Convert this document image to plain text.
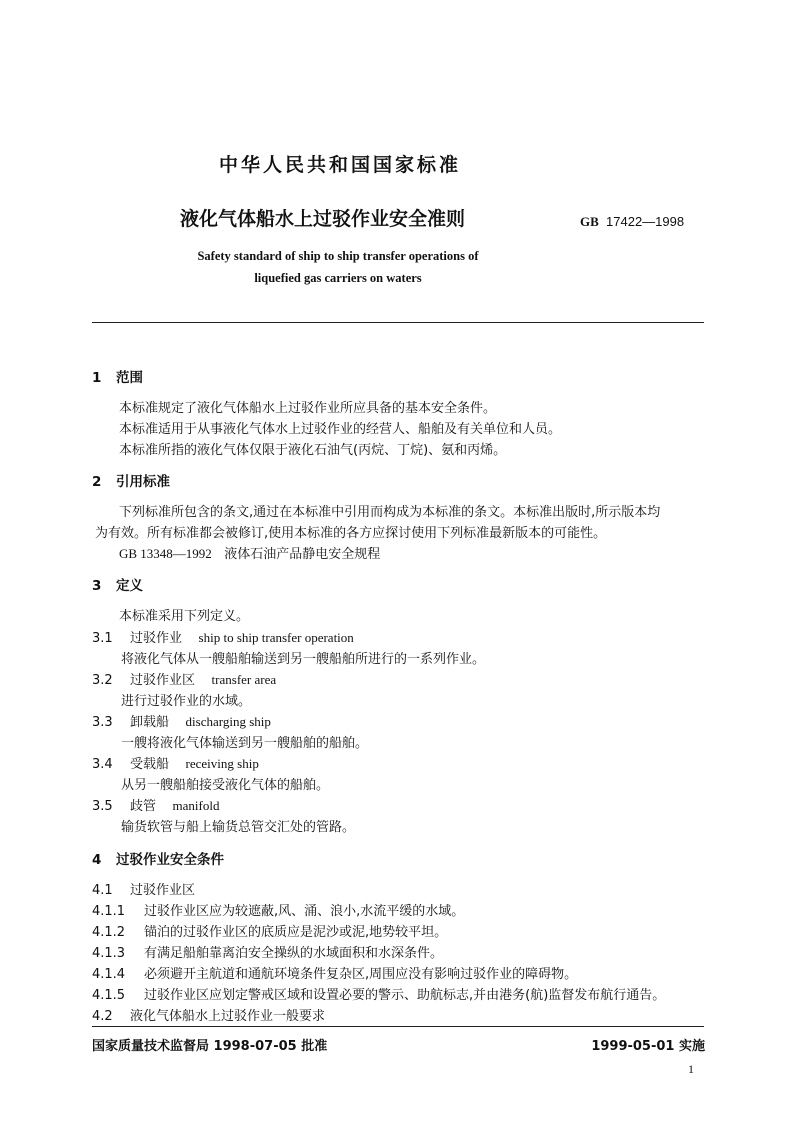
中华人民共和国国家标准
液化气体船水上过驳作业安全准则	GB 17422—1998
Safety standard of ship to ship transfer operations of
liquefied gas carriers on waters
1 范围
本标准规定了液化气体船水上过驳作业所应具备的基本安全条件。
本标准适用于从事液化气体水上过驳作业的经营人、船舶及有关单位和人员。
本标准所指的液化气体仅限于液化石油气(丙烷、丁烷)、氨和丙烯。
2 引用标准
下列标准所包含的条文,通过在本标准中引用而构成为本标准的条文。本标准出版时,所示版本均
为有效。所有标准都会被修订,使用本标准的各方应探讨使用下列标准最新版本的可能性。
GB 13348—1992 液体石油产品静电安全规程
3 定义
本标准采用下列定义。
3.1 过驳作业 ship to ship transfer operation
将液化气体从一艘船舶输送到另一艘船舶所进行的一系列作业。
3.2 过驳作业区 transfer area
进行过驳作业的水域。
3.3 卸载船 discharging ship
一艘将液化气体输送到另一艘船舶的船舶。
3.4 受载船 receiving ship
从另一艘船舶接受液化气体的船舶。
3.5 歧管 manifold
输货软管与船上输货总管交汇处的管路。
4 过驳作业安全条件
4.1 过驳作业区
4.1.1 过驳作业区应为较遮蔽,风、涌、浪小,水流平缓的水域。
4.1.2 锚泊的过驳作业区的底质应是泥沙或泥,地势较平坦。
4.1.3 有满足船舶靠离泊安全操纵的水域面积和水深条件。
4.1.4 必须避开主航道和通航环境条件复杂区,周围应没有影响过驳作业的障碍物。
4.1.5 过驳作业区应划定警戒区域和设置必要的警示、助航标志,并由港务(航)监督发布航行通告。
4.2 液化气体船水上过驳作业一般要求
国家质量技术监督局 1998-07-05 批准	1999-05-01 实施
1
